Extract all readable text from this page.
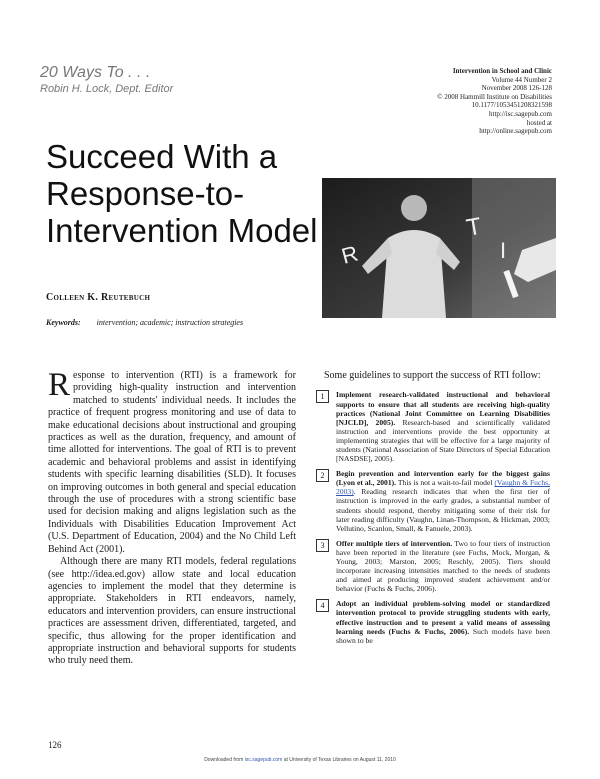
20 Ways To . . .
Robin H. Lock, Dept. Editor
Intervention in School and Clinic
Volume 44 Number 2
November 2008 126-128
© 2008 Hammill Institute on Disabilities
10.1177/1053451208321598
http://isc.sagepub.com
hosted at
http://online.sagepub.com
Succeed With a Response-to-Intervention Model
R
T
I
Colleen K. Reutebuch
Keywords: intervention; academic; instruction strategies

Response to intervention (RTI) is a framework for providing high-quality instruction and intervention matched to students' individual needs. It includes the practice of frequent progress monitoring and use of data to make educational decisions about instructional and grouping practices as well as the duration, frequency, and amount of time allotted for interventions. The goal of RTI is to prevent academic and behavioral problems and assist in identifying students with specific learning disabilities (SLD). It focuses on improving outcomes in both general and special education through the use of procedures with a strong scientific base used for decision making and aligns legislation such as the Individuals with Disabilities Education Improvement Act (U.S. Department of Education, 2004) and the No Child Left Behind Act (2001).

Although there are many RTI models, federal regulations (see http://idea.ed.gov) allow state and local education agencies to implement the model that they determine is appropriate. Stakeholders in RTI endeavors, namely, educators and intervention providers, can ensure instructional practices are assessment driven, differentiated, targeted, and specific, thus allowing for the proper identification and appropriate instruction and behavioral supports for students who truly need them.

Some guidelines to support the success of RTI follow:

1	Implement research-validated instructional and behavioral supports to ensure that all students are receiving high-quality practices (National Joint Committee on Learning Disabilities [NJCLD], 2005). Research-based and scientifically validated instruction and interventions provide the best opportunity at implementing strategies that will be effective for a large majority of students (National Association of State Directors of Special Education [NASDSE], 2005).
2	Begin prevention and intervention early for the biggest gains (Lyon et al., 2001). This is not a wait-to-fail model (Vaughn & Fuchs, 2003). Reading research indicates that when the first tier of instruction is improved in the early grades, a substantial number of students should respond, thereby mitigating some of their risk for later reading difficulty (Vaughn, Linan-Thompson, & Hickman, 2003; Vellutino, Scanlon, Small, & Fanuele, 2003).
3	Offer multiple tiers of intervention. Two to four tiers of instruction have been reported in the literature (see Fuchs, Mock, Morgan, & Young, 2003; Marston, 2005; Reschly, 2005). Tiers should incorporate increasing intensities matched to the needs of students and aimed at producing improved student achievement and/or behavior (Fuchs & Fuchs, 2006).
4	Adopt an individual problem-solving model or standardized intervention protocol to provide struggling students with early, effective instruction and to present a valid means of assessing learning needs (Fuchs & Fuchs, 2006). Such models have been shown to be
126
Downloaded from isc.sagepub.com at University of Texas Libraries on August 11, 2010
